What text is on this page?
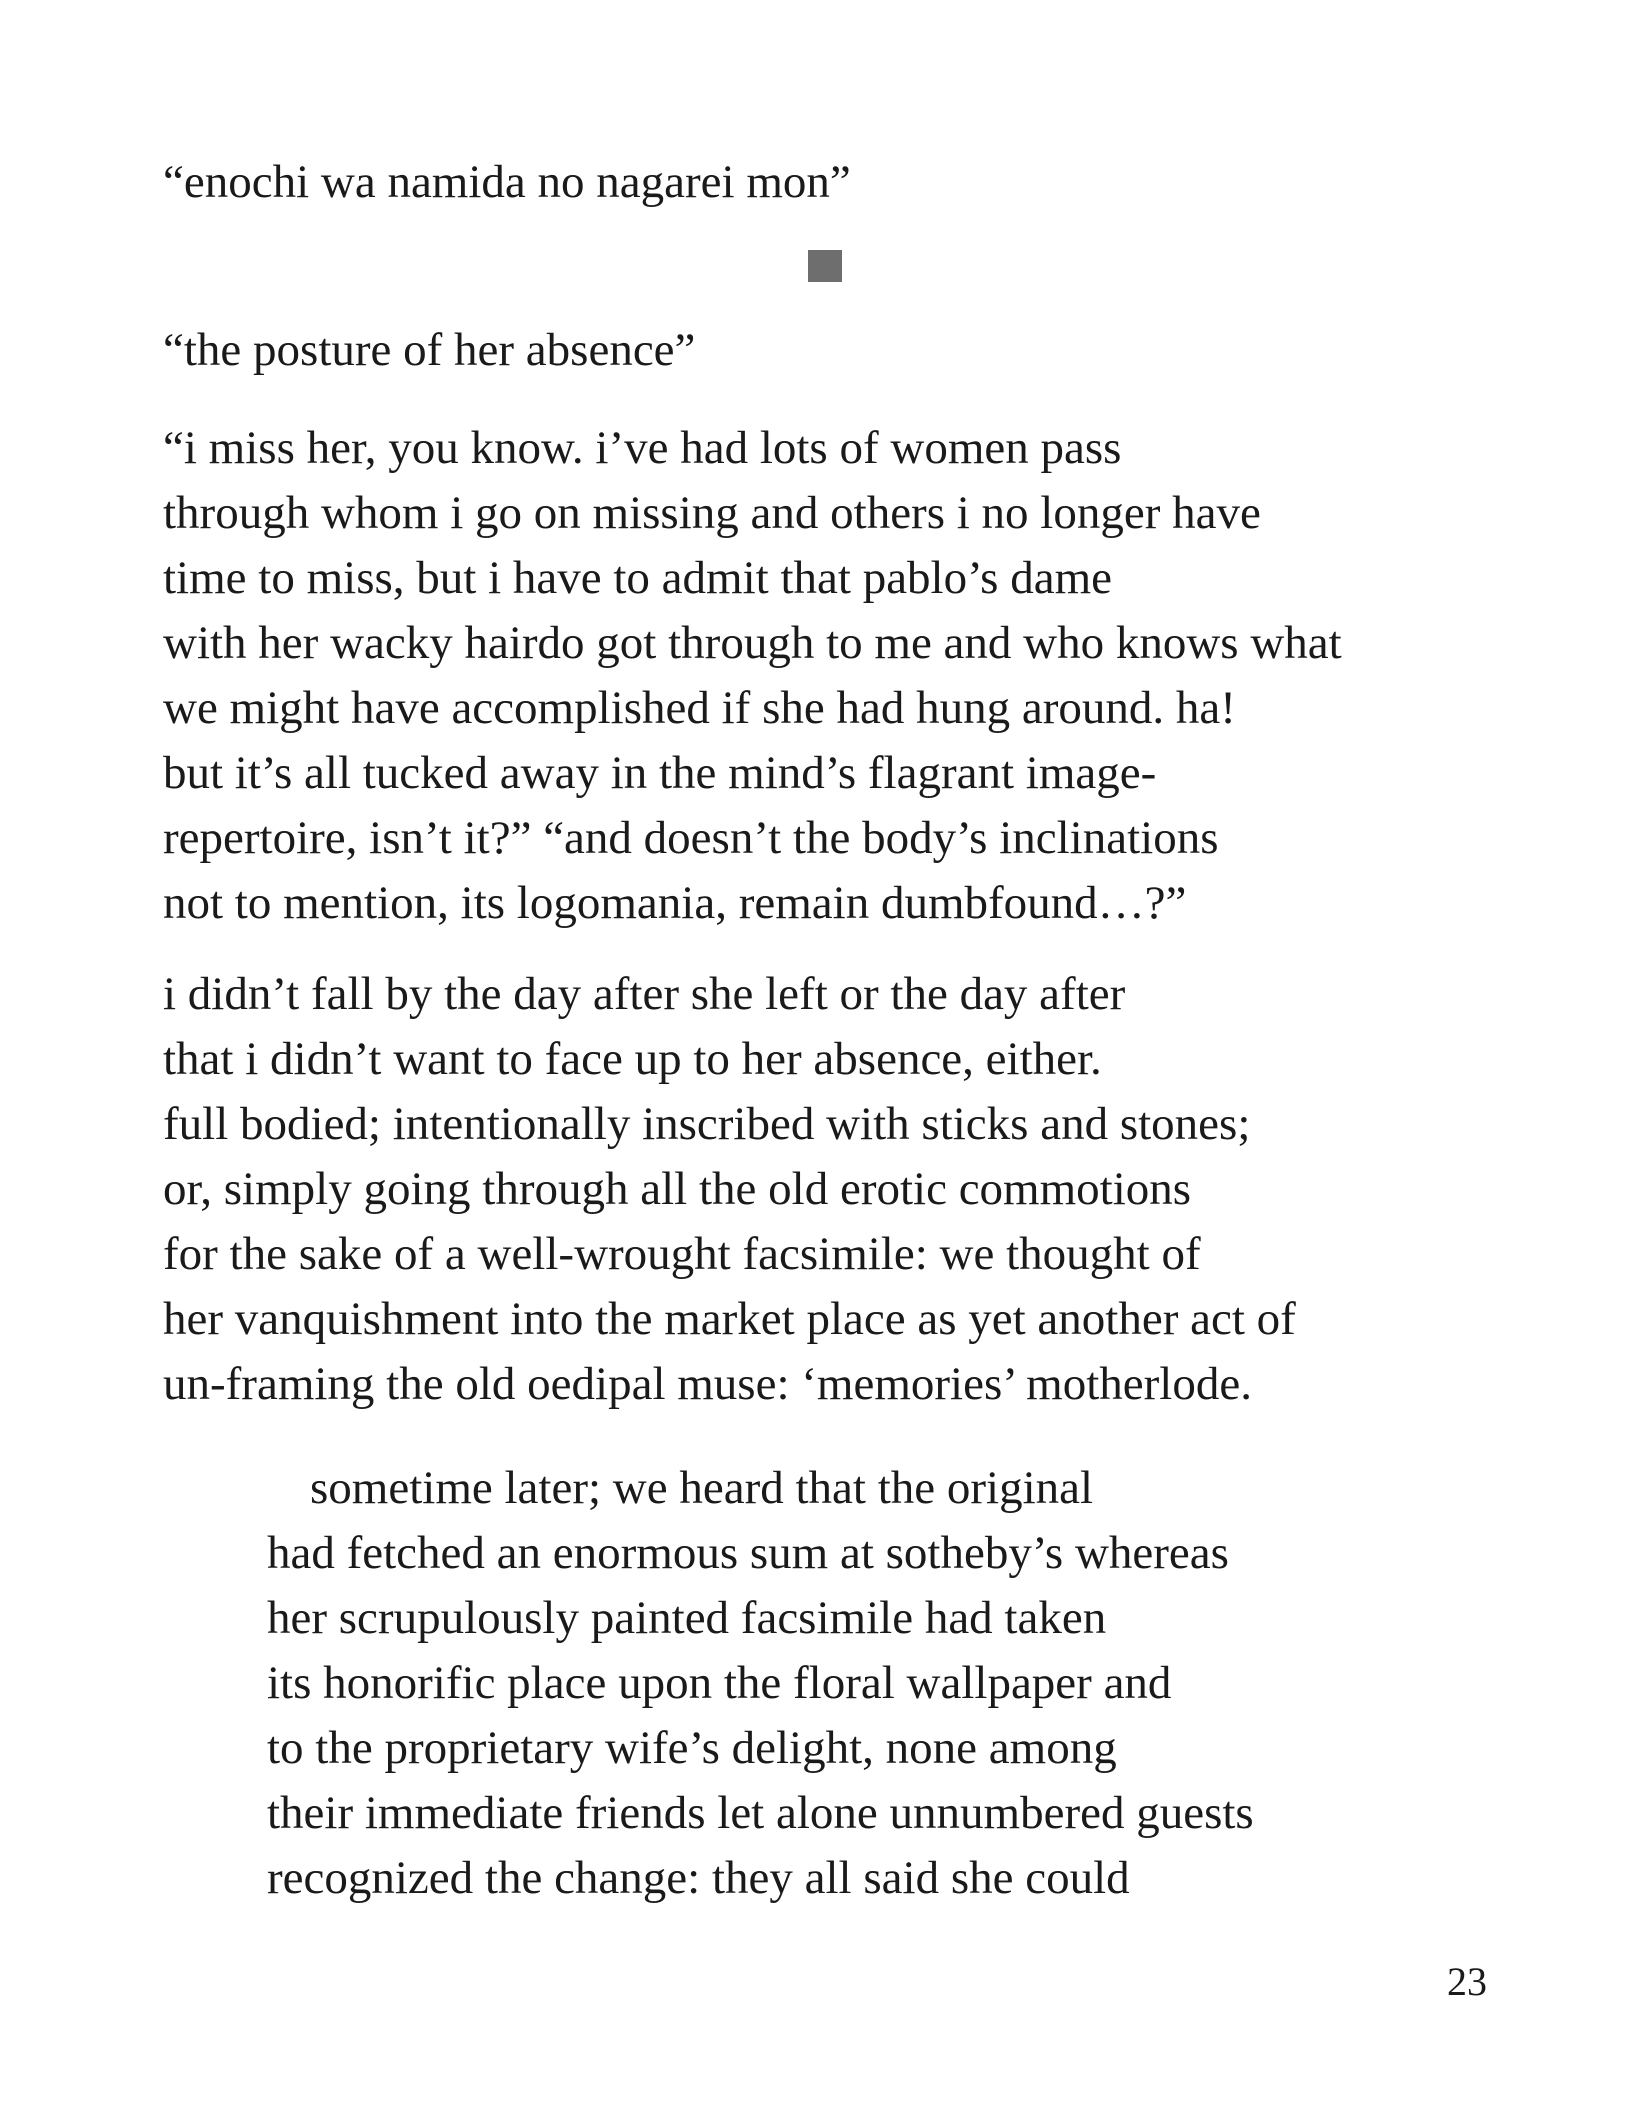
“enochi wa namida no nagarei mon”
“the posture of her absence”
“i miss her, you know. i’ve had lots of women pass
through whom i go on missing and others i no longer have
time to miss, but i have to admit that pablo’s dame
with her wacky hairdo got through to me and who knows what
we might have accomplished if she had hung around. ha!
but it’s all tucked away in the mind’s flagrant image-
repertoire, isn’t it?” “and doesn’t the body’s inclinations
not to mention, its logomania, remain dumbfound…?”
i didn’t fall by the day after she left or the day after
that i didn’t want to face up to her absence, either.
full bodied; intentionally inscribed with sticks and stones;
or, simply going through all the old erotic commotions
for the sake of a well-wrought facsimile: we thought of
her vanquishment into the market place as yet another act of
un-framing the old oedipal muse: ‘memories’ motherlode.
sometime later; we heard that the original
had fetched an enormous sum at sotheby’s whereas
her scrupulously painted facsimile had taken
its honorific place upon the floral wallpaper and
to the proprietary wife’s delight, none among
their immediate friends let alone unnumbered guests
recognized the change: they all said she could
23
